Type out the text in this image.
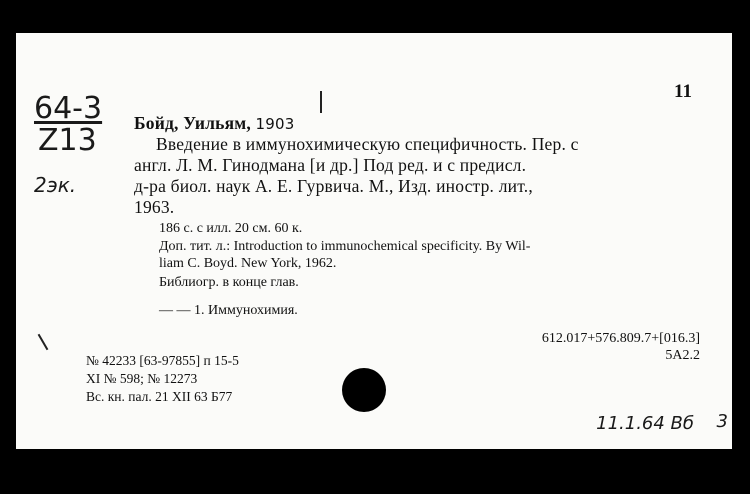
64-3
Z13
2эк.
11
Бойд, Уильям, 1903
Введение в иммунохимическую специфичность. Пер. с
англ. Л. М. Гинодмана [и др.] Под ред. и с предисл.
д-ра биол. наук А. Е. Гурвича. М., Изд. иностр. лит.,
1963.
186 с. с илл. 20 см. 60 к.
Доп. тит. л.: Introduction to immunochemical specificity. By Wil-
liam C. Boyd. New York, 1962.
Библиогр. в конце глав.
— — 1. Иммунохимия.
612.017+576.809.7+[016.3]
5А2.2
№ 42233 [63-97855] п 15-5
XI № 598; № 12273
Вс. кн. пал. 21 XII 63 Б77
11.1.64 Вб 3
